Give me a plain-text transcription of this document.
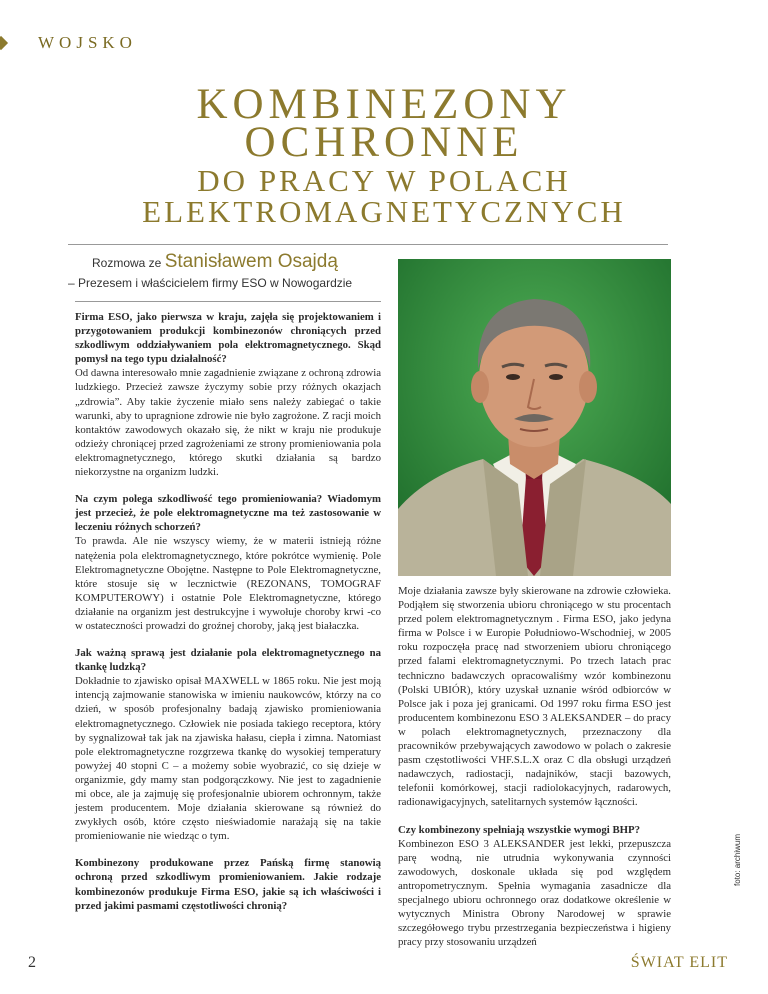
WOJSKO
KOMBINEZONY
OCHRONNE
DO PRACY W POLACH
ELEKTROMAGNETYCZNYCH
Rozmowa ze Stanisławem Osajdą
– Prezesem i właścicielem firmy ESO w Nowogardzie

Firma ESO, jako pierwsza w kraju, zajęła się projektowaniem i przygotowaniem produkcji kombinezonów chroniących przed szkodliwym oddziaływaniem pola elektromagnetycznego. Skąd pomysł na tego typu działalność?

Od dawna interesowało mnie zagadnienie związane z ochroną zdrowia ludzkiego. Przecież zawsze życzymy sobie przy różnych okazjach „zdrowia”. Aby takie życzenie miało sens należy zabiegać o takie warunki, aby to upragnione zdrowie nie było zagrożone. Z racji moich kontaktów zawodowych okazało się, że nikt w kraju nie produkuje odzieży chroniącej przed zagrożeniami ze strony promieniowania pola elektromagnetycznego, którego skutki działania są bardzo niekorzystne na organizm ludzki.

Na czym polega szkodliwość tego promieniowania? Wiadomym jest przecież, że pole elektromagnetyczne ma też zastosowanie w leczeniu różnych schorzeń?

To prawda. Ale nie wszyscy wiemy, że w materii istnieją różne natężenia pola elektromagnetycznego, które pokrótce wymienię. Pole Elektromagnetyczne Obojętne. Następne to Pole Elektromagnetyczne, które stosuje się w lecznictwie (REZONANS, TOMOGRAF KOMPUTEROWY) i ostatnie Pole Elektromagnetyczne, którego działanie na organizm jest destrukcyjne i wywołuje choroby krwi -co w ostateczności prowadzi do groźnej choroby, jaką jest białaczka.

Jak ważną sprawą jest działanie pola elektromagnetycznego na tkankę ludzką?

Dokładnie to zjawisko opisał MAXWELL w 1865 roku. Nie jest moją intencją zajmowanie stanowiska w imieniu naukowców, którzy na co dzień, w sposób profesjonalny badają zjawisko promieniowania elektromagnetycznego. Człowiek nie posiada takiego receptora, który by sygnalizował tak jak na zjawiska hałasu, ciepła i zimna. Natomiast pole elektromagnetyczne rozgrzewa tkankę do wysokiej temperatury powyżej 40 stopni C – a możemy sobie wyobrazić, co się dzieje w organizmie, gdy mamy stan podgorączkowy. Nie jest to zagadnienie mi obce, ale ja zajmuję się profesjonalnie ubiorem ochronnym, także jestem producentem. Moje działania skierowane są również do zwykłych osób, które często nieświadomie narażają się na takie promieniowanie nie wiedząc o tym.

Kombinezony produkowane przez Pańską firmę stanowią ochroną przed szkodliwym promieniowaniem. Jakie rodzaje kombinezonów produkuje Firma ESO, jakie są ich właściwości i przed jakimi pasmami częstotliwości chronią?

Moje działania zawsze były skierowane na zdrowie człowieka. Podjąłem się stworzenia ubioru chroniącego w stu procentach przed polem elektromagnetycznym . Firma ESO, jako jedyna firma w Polsce i w Europie Południowo-Wschodniej, w 2005 roku rozpoczęła pracę nad stworzeniem ubioru chroniącego przed falami elektromagnetycznymi. Po trzech latach prac techniczno badawczych opracowaliśmy wzór kombinezonu (Polski UBIÓR), który uzyskał uznanie wśród odbiorców w Polsce jak i poza jej granicami. Od 1997 roku firma ESO jest producentem kombinezonu ESO 3 ALEKSANDER – do pracy w polach elektromagnetycznych, przeznaczony dla pracowników przebywających zawodowo w polach o zakresie pasm częstotliwości VHF.S.L.X oraz C dla obsługi urządzeń nadawczych, radiostacji, nadajników, stacji bazowych, telefonii komórkowej, stacji radiolokacyjnych, radarowych, radionawigacyjnych, satelitarnych systemów łączności.

Czy kombinezony spełniają wszystkie wymogi BHP?

Kombinezon ESO 3 ALEKSANDER jest lekki, przepuszcza parę wodną, nie utrudnia wykonywania czynności zawodowych, doskonale układa się pod względem antropometrycznym. Spełnia wymagania zasadnicze dla specjalnego ubioru ochronnego oraz dodatkowe określenie w wytycznych Ministra Obrony Narodowej w sprawie szczegółowego trybu przestrzegania bezpieczeństwa i higieny pracy przy stosowaniu urządzeń

foto: archiwum
2	ŚWIAT ELIT
